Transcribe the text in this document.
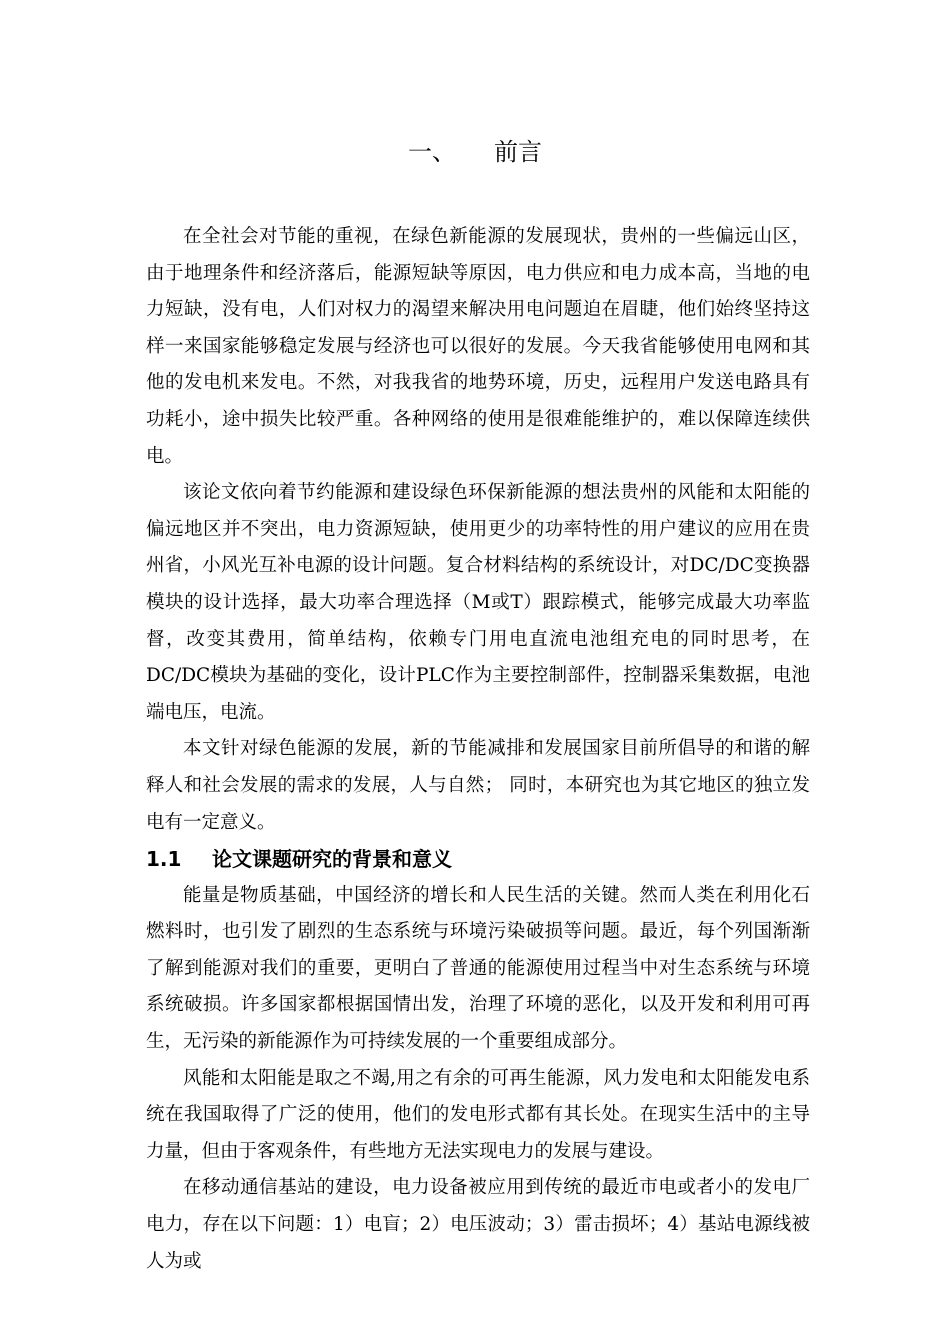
一、 前言

在全社会对节能的重视，在绿色新能源的发展现状，贵州的一些偏远山区，由于地理条件和经济落后，能源短缺等原因，电力供应和电力成本高，当地的电力短缺，没有电，人们对权力的渴望来解决用电问题迫在眉睫，他们始终坚持这样一来国家能够稳定发展与经济也可以很好的发展。今天我省能够使用电网和其他的发电机来发电。不然，对我我省的地势环境，历史，远程用户发送电路具有功耗小，途中损失比较严重。各种网络的使用是很难能维护的，难以保障连续供电。

该论文依向着节约能源和建设绿色环保新能源的想法贵州的风能和太阳能的偏远地区并不突出，电力资源短缺，使用更少的功率特性的用户建议的应用在贵州省，小风光互补电源的设计问题。复合材料结构的系统设计，对DC/DC变换器模块的设计选择，最大功率合理选择（M或T）跟踪模式，能够完成最大功率监督，改变其费用，简单结构，依赖专门用电直流电池组充电的同时思考，在DC/DC模块为基础的变化，设计PLC作为主要控制部件，控制器采集数据，电池端电压，电流。

本文针对绿色能源的发展，新的节能减排和发展国家目前所倡导的和谐的解释人和社会发展的需求的发展，人与自然； 同时，本研究也为其它地区的独立发电有一定意义。

1.1 论文课题研究的背景和意义

能量是物质基础，中国经济的增长和人民生活的关键。然而人类在利用化石燃料时，也引发了剧烈的生态系统与环境污染破损等问题。最近，每个列国渐渐了解到能源对我们的重要，更明白了普通的能源使用过程当中对生态系统与环境系统破损。许多国家都根据国情出发，治理了环境的恶化，以及开发和利用可再生，无污染的新能源作为可持续发展的一个重要组成部分。

风能和太阳能是取之不竭,用之有余的可再生能源，风力发电和太阳能发电系统在我国取得了广泛的使用，他们的发电形式都有其长处。在现实生活中的主导力量，但由于客观条件，有些地方无法实现电力的发展与建设。

在移动通信基站的建设，电力设备被应用到传统的最近市电或者小的发电厂电力，存在以下问题：1）电盲；2）电压波动；3）雷击损坏；4）基站电源线被人为或
